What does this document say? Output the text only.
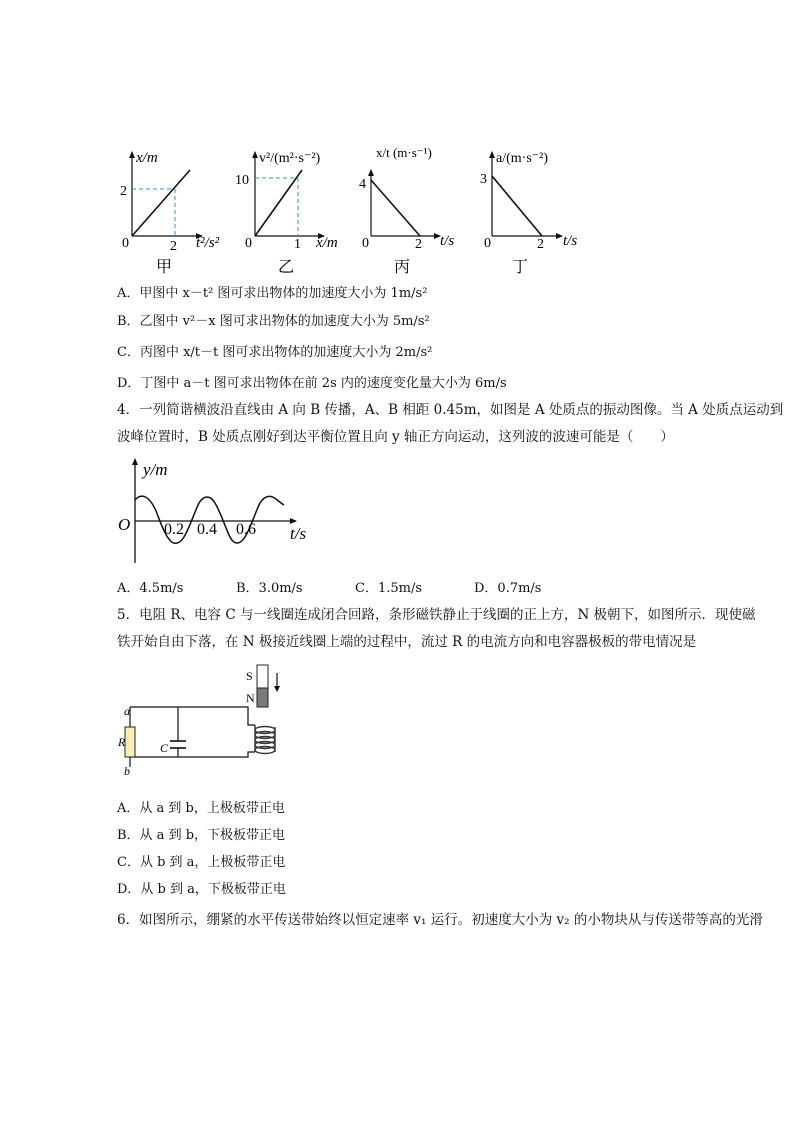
x/m
2
0	2 t²/s²
甲
v²/(m²·s⁻²)
10
0	1 x/m
乙
x/t (m·s⁻¹)
4
0	2 t/s
丙
a/(m·s⁻²)
3
0	2 t/s
丁
A．甲图中 x－t² 图可求出物体的加速度大小为 1m/s²
B．乙图中 v²－x 图可求出物体的加速度大小为 5m/s²
C．丙图中 x/t－t 图可求出物体的加速度大小为 2m/s²
D．丁图中 a－t 图可求出物体在前 2s 内的速度变化量大小为 6m/s
4．一列简谐横波沿直线由 A 向 B 传播，A、B 相距 0.45m，如图是 A 处质点的振动图像。当 A 处质点运动到
波峰位置时，B 处质点刚好到达平衡位置且向 y 轴正方向运动，这列波的波速可能是（　　）
y/m
O 0.2 0.4 0.6 t/s
A．4.5m/s	B．3.0m/s	C．1.5m/s	D．0.7m/s
5．电阻 R、电容 C 与一线圈连成闭合回路，条形磁铁静止于线圈的正上方，N 极朝下，如图所示．现使磁
铁开始自由下落，在 N 极接近线圈上端的过程中，流过 R 的电流方向和电容器极板的带电情况是
S
N
R
a
b
C
A．从 a 到 b，上极板带正电
B．从 a 到 b，下极板带正电
C．从 b 到 a，上极板带正电
D．从 b 到 a，下极板带正电
6．如图所示，绷紧的水平传送带始终以恒定速率 v₁ 运行。初速度大小为 v₂ 的小物块从与传送带等高的光滑
